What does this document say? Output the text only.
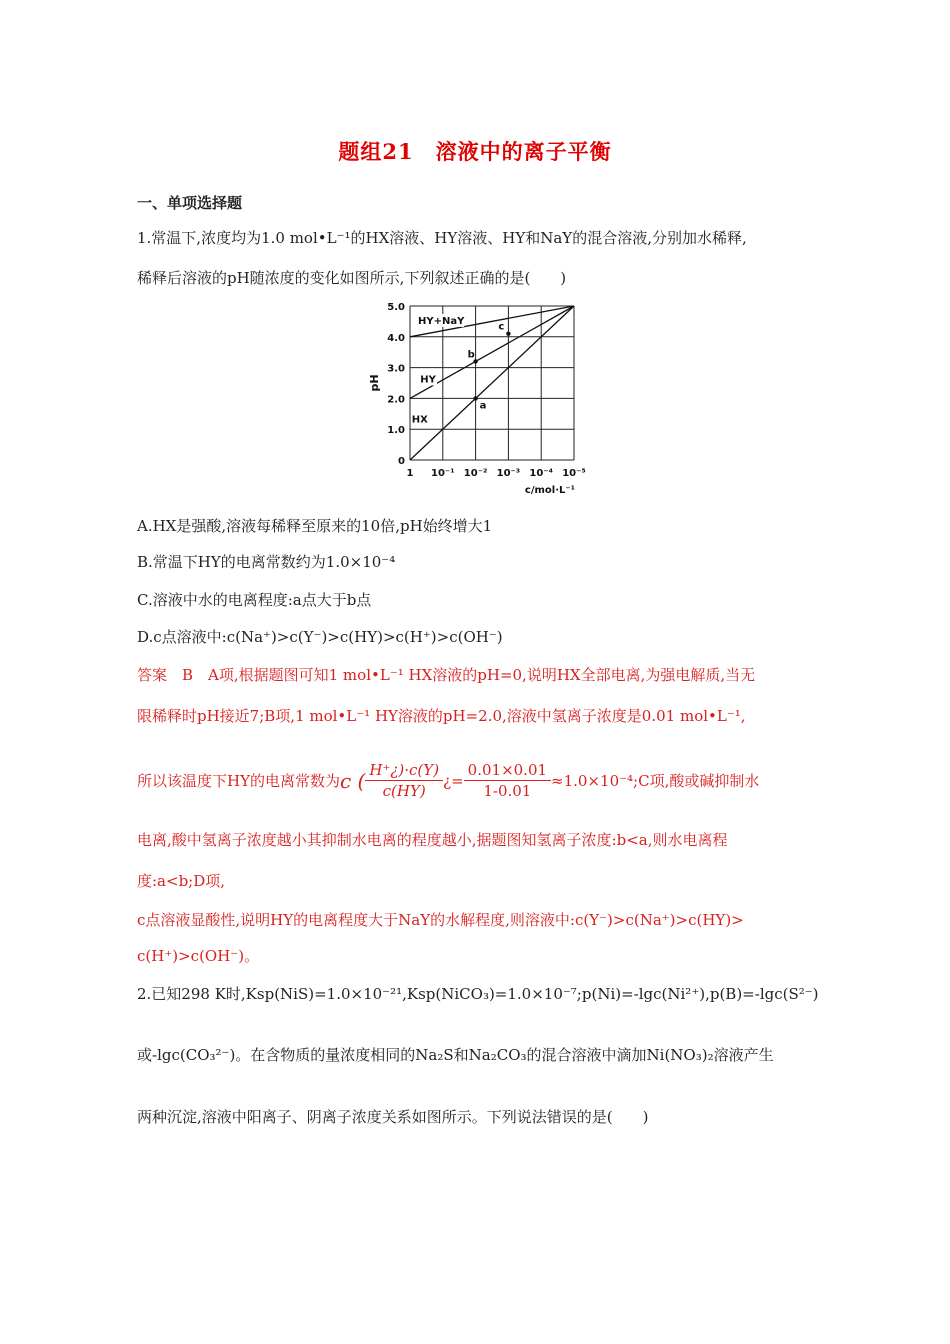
题组21　溶液中的离子平衡
一、单项选择题
1.常温下,浓度均为1.0 mol•L⁻¹的HX溶液、HY溶液、HY和NaY的混合溶液,分别加水稀释,
稀释后溶液的pH随浓度的变化如图所示,下列叙述正确的是(　　)
1 10⁻¹ 10⁻² 10⁻³ 10⁻⁴ 10⁻⁵
0
1.0
2.0
3.0
4.0
5.0
c/mol·L⁻¹
pH
HX
HY
HY+NaY
a
b
c
A.HX是强酸,溶液每稀释至原来的10倍,pH始终增大1
B.常温下HY的电离常数约为1.0×10⁻⁴
C.溶液中水的电离程度:a点大于b点
D.c点溶液中:c(Na⁺)>c(Y⁻)>c(HY)>c(H⁺)>c(OH⁻)
答案　B　A项,根据题图可知1 mol•L⁻¹ HX溶液的pH=0,说明HX全部电离,为强电解质,当无
限稀释时pH接近7;B项,1 mol•L⁻¹ HY溶液的pH=2.0,溶液中氢离子浓度是0.01 mol•L⁻¹,
所以该温度下HY的电离常数为 c ( $\frac{H^+¿)\cdot c(Y)}{c(HY)}$ ¿= $\frac{0.01\times 0.01}{1-0.01}$ ≈1.0×10⁻⁴;C项,酸或碱抑制水
电离,酸中氢离子浓度越小其抑制水电离的程度越小,据题图知氢离子浓度:b<a,则水电离程
度:a<b;D项,
c点溶液显酸性,说明HY的电离程度大于NaY的水解程度,则溶液中:c(Y⁻)>c(Na⁺)>c(HY)>
c(H⁺)>c(OH⁻)。
2.已知298 K时,Ksp(NiS)=1.0×10⁻²¹,Ksp(NiCO₃)=1.0×10⁻⁷;p(Ni)=-lgc(Ni²⁺),p(B)=-lgc(S²⁻)
或-lgc(CO₃²⁻)。在含物质的量浓度相同的Na₂S和Na₂CO₃的混合溶液中滴加Ni(NO₃)₂溶液产生
两种沉淀,溶液中阳离子、阴离子浓度关系如图所示。下列说法错误的是(　　)
